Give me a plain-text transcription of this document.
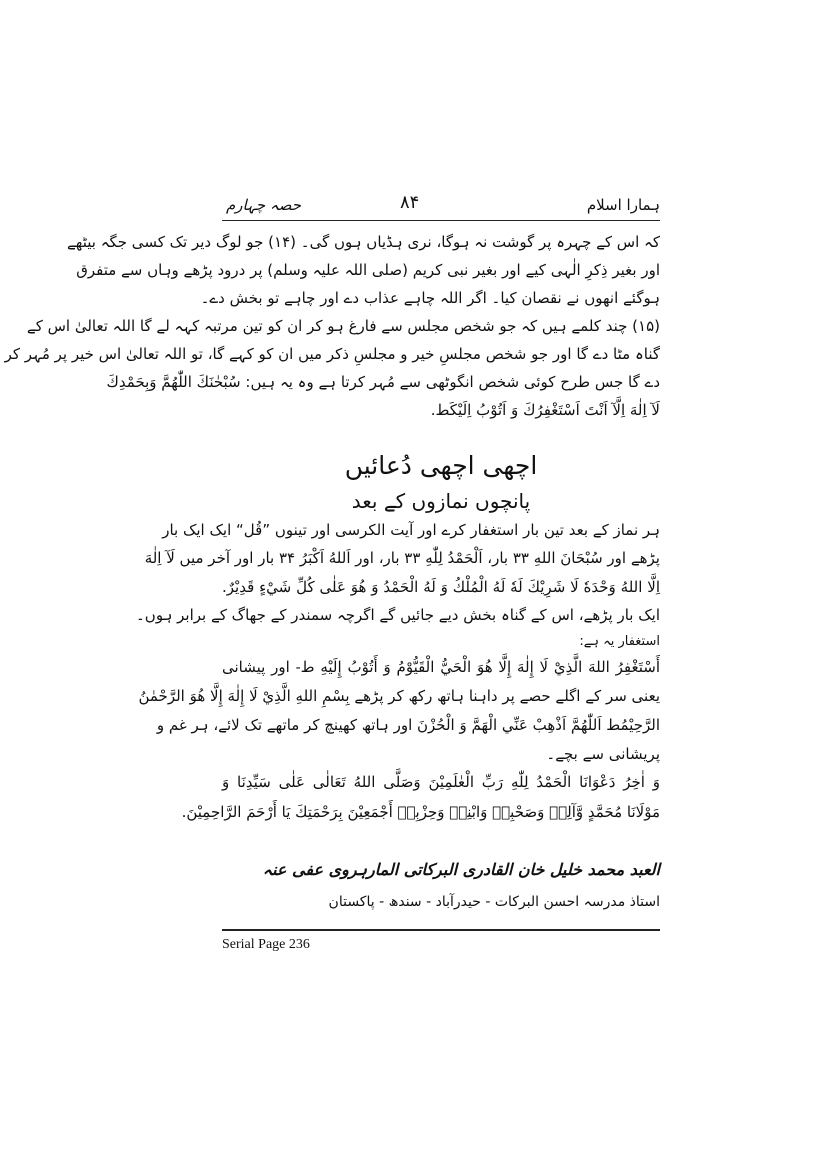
ہمارا اسلام
۸۴
حصہ چہارم
کہ اس کے چہرہ پر گوشت نہ ہوگا، نری ہڈیاں ہوں گی۔ (۱۴) جو لوگ دیر تک کسی جگہ بیٹھے
اور بغیر ذِکرِ الٰہی کیے اور بغیر نبی کریم (صلی اللہ علیہ وسلم) پر درود پڑھے وہاں سے متفرق
ہوگئے انھوں نے نقصان کیا۔ اگر اللہ چاہے عذاب دے اور چاہے تو بخش دے۔
(۱۵) چند کلمے ہیں کہ جو شخص مجلس سے فارغ ہو کر ان کو تین مرتبہ کہہ لے گا اللہ تعالیٰ اس کے
گناہ مٹا دے گا اور جو شخص مجلسِ خیر و مجلسِ ذکر میں ان کو کہے گا، تو اللہ تعالیٰ اس خیر پر مُہر کر
دے گا جس طرح کوئی شخص انگوٹھی سے مُہر کرتا ہے وہ یہ ہیں: سُبْحٰنَكَ اللّٰهُمَّ وَبِحَمْدِكَ
لَآ اِلٰهَ اِلَّآ اَنْتَ اَسْتَغْفِرُكَ وَ اَتُوْبُ اِلَيْكَط.
اچھی اچھی دُعائیں
پانچوں نمازوں کے بعد
ہر نماز کے بعد تین بار استغفار کرے اور آیت الکرسی اور تینوں ”قُل“ ایک ایک بار
پڑھے اور سُبْحَانَ اللهِ ۳۳ بار، اَلْحَمْدُ لِلّٰهِ ۳۳ بار، اور اَللهُ اَكْبَرُ ۳۴ بار اور آخر میں لَآ اِلٰهَ
اِلَّا اللهُ وَحْدَهٗ لَا شَرِيْكَ لَهٗ لَهُ الْمُلْكُ وَ لَهُ الْحَمْدُ وَ هُوَ عَلٰى كُلِّ شَيْءٍ قَدِيْرٌ.
ایک بار پڑھے، اس کے گناہ بخش دیے جائیں گے اگرچہ سمندر کے جھاگ کے برابر ہوں۔
استغفار یہ ہے:
أَسْتَغْفِرُ اللهَ الَّذِيْ لَا إِلٰهَ إِلَّا هُوَ الْحَيُّ الْقَيُّوْمُ وَ أَتُوْبُ إِلَيْهِ ط- اور پیشانی
یعنی سر کے اگلے حصے پر داہنا ہاتھ رکھ کر پڑھے بِسْمِ اللهِ الَّذِيْ لَا إِلٰهَ إِلَّا هُوَ الرَّحْمٰنُ
الرَّحِيْمُط اَللّٰهُمَّ اَذْهِبْ عَنِّي الْهَمَّ وَ الْحُزْنَ اور ہاتھ کھینچ کر ماتھے تک لائے، ہر غم و
پریشانی سے بچے۔
وَ اٰخِرُ دَعْوَانَا الْحَمْدُ لِلّٰهِ رَبِّ الْعٰلَمِيْنَ وَصَلَّى اللهُ تَعَالٰى عَلٰى سَيِّدِنَا وَ
مَوْلَانَا مُحَمَّدٍ وَّآلِهٖ وَصَحْبِهٖ وَابْنِهٖ وَحِزْبِهٖ أَجْمَعِيْنَ بِرَحْمَتِكَ يَا أَرْحَمَ الرَّاحِمِيْنَ.
العبد محمد خلیل خان القادری البرکاتی المارہروی عفی عنہ
استاذ مدرسہ احسن البرکات - حیدرآباد - سندھ - پاکستان
Serial Page 236
